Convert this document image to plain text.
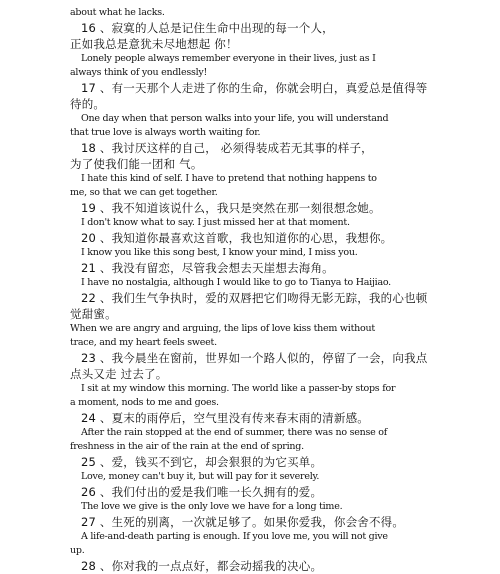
about what he lacks.
16 、寂寞的人总是记住生命中出现的每一个人，
正如我总是意犹未尽地想起 你！
Lonely people always remember everyone in their lives, just as I
always think of you endlessly!
17 、有一天那个人走进了你的生命，你就会明白，真爱总是值得等
待的。
One day when that person walks into your life, you will understand
that true love is always worth waiting for.
18 、我讨厌这样的自己， 必须得装成若无其事的样子，
为了使我们能一团和 气。
I hate this kind of self. I have to pretend that nothing happens to
me, so that we can get together.
19 、我不知道该说什么，我只是突然在那一刻很想念她。
I don't know what to say. I just missed her at that moment.
20 、我知道你最喜欢这首歌，我也知道你的心思，我想你。
I know you like this song best, I know your mind, I miss you.
21 、我没有留恋，尽管我会想去天崖想去海角。
I have no nostalgia, although I would like to go to Tianya to Haijiao.
22 、我们生气争执时，爱的双唇把它们吻得无影无踪，我的心也顿
觉甜蜜。
When we are angry and arguing, the lips of love kiss them without
trace, and my heart feels sweet.
23 、我今晨坐在窗前，世界如一个路人似的，停留了一会，向我点
点头又走 过去了。
I sit at my window this morning. The world like a passer-by stops for
a moment, nods to me and goes.
24 、夏末的雨停后，空气里没有传来春末雨的清新感。
After the rain stopped at the end of summer, there was no sense of
freshness in the air of the rain at the end of spring.
25 、爱，钱买不到它，却会狠狠的为它买单。
Love, money can't buy it, but will pay for it severely.
26 、我们付出的爱是我们唯一长久拥有的爱。
The love we give is the only love we have for a long time.
27 、生死的别离，一次就足够了。如果你爱我，你会舍不得。
A life-and-death parting is enough. If you love me, you will not give
up.
28 、你对我的一点点好，都会动摇我的决心。
